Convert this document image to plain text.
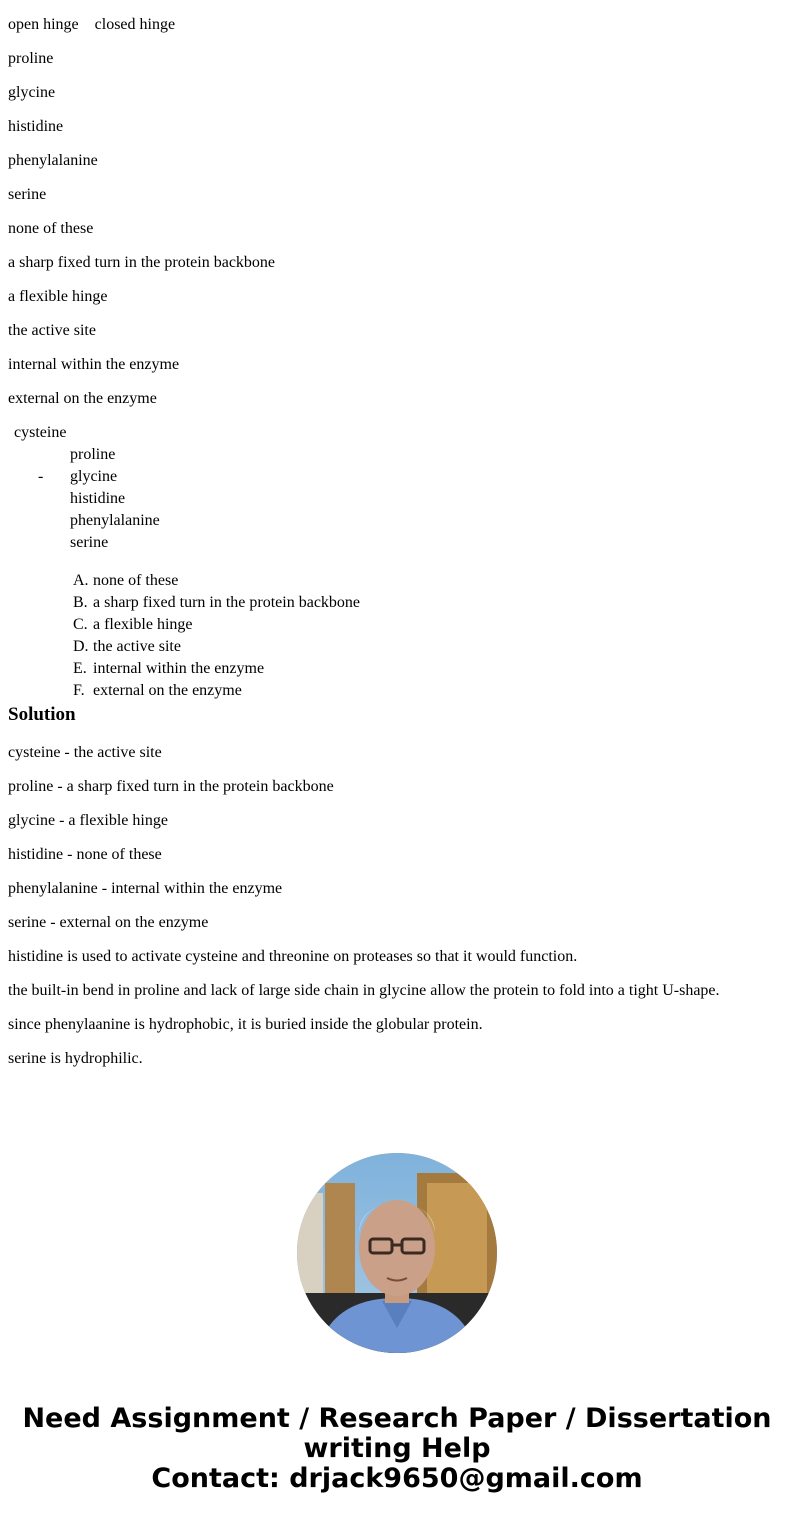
open hinge closed hinge

proline

glycine

histidine

phenylalanine

serine

none of these

a sharp fixed turn in the protein backbone

a flexible hinge

the active site

internal within the enzyme

external on the enzyme

cysteine
proline
- glycine
histidine
phenylalanine
serine
A. none of these
B. a sharp fixed turn in the protein backbone
C. a flexible hinge
D. the active site
E. internal within the enzyme
F. external on the enzyme
Solution

cysteine - the active site

proline - a sharp fixed turn in the protein backbone

glycine - a flexible hinge

histidine - none of these

phenylalanine - internal within the enzyme

serine - external on the enzyme

histidine is used to activate cysteine and threonine on proteases so that it would function.

the built-in bend in proline and lack of large side chain in glycine allow the protein to fold into a tight U-shape.

since phenylaanine is hydrophobic, it is buried inside the globular protein.

serine is hydrophilic.

Need Assignment / Research Paper / Dissertation
writing Help
Contact: drjack9650@gmail.com
